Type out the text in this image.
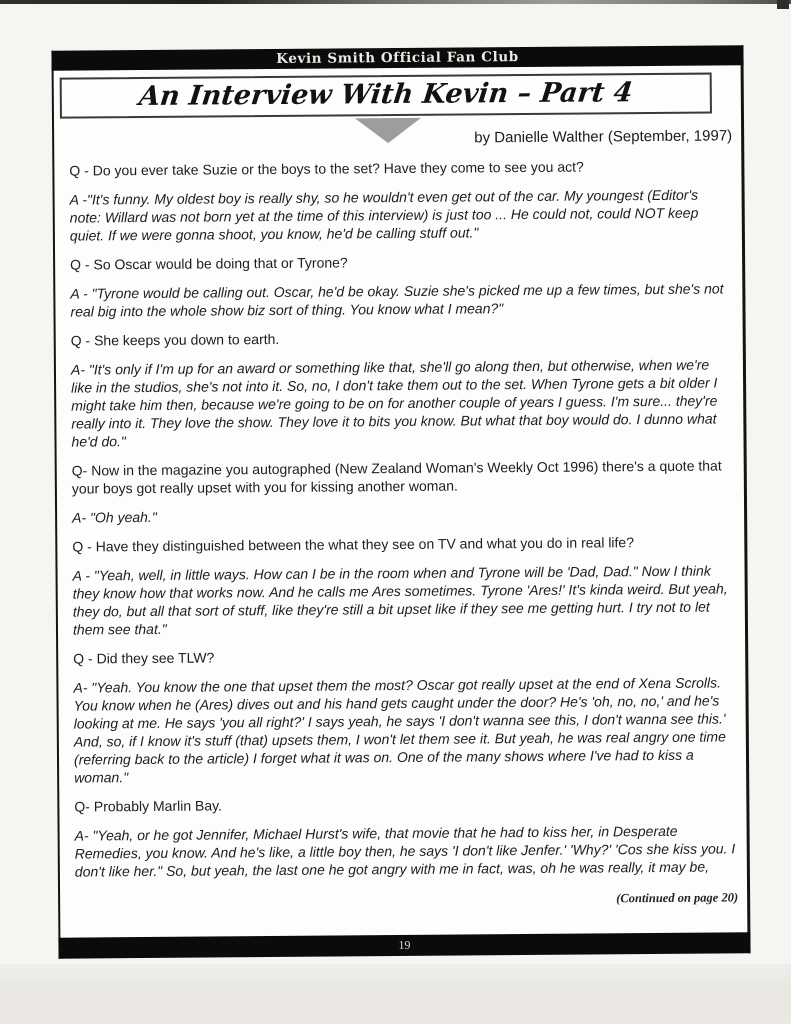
Kevin Smith Official Fan Club
An Interview With Kevin – Part 4
by Danielle Walther (September, 1997)

Q - Do you ever take Suzie or the boys to the set? Have they come to see you act?

A -"It's funny. My oldest boy is really shy, so he wouldn't even get out of the car. My youngest (Editor's note: Willard was not born yet at the time of this interview) is just too ... He could not, could NOT keep quiet. If we were gonna shoot, you know, he'd be calling stuff out."

Q - So Oscar would be doing that or Tyrone?

A - "Tyrone would be calling out. Oscar, he'd be okay. Suzie she's picked me up a few times, but she's not real big into the whole show biz sort of thing. You know what I mean?"

Q - She keeps you down to earth.

A- "It's only if I'm up for an award or something like that, she'll go along then, but otherwise, when we're like in the studios, she's not into it. So, no, I don't take them out to the set. When Tyrone gets a bit older I might take him then, because we're going to be on for another couple of years I guess. I'm sure... they're really into it. They love the show. They love it to bits you know. But what that boy would do. I dunno what he'd do."

Q- Now in the magazine you autographed (New Zealand Woman's Weekly Oct 1996) there's a quote that your boys got really upset with you for kissing another woman.

A- "Oh yeah."

Q - Have they distinguished between the what they see on TV and what you do in real life?

A - "Yeah, well, in little ways. How can I be in the room when and Tyrone will be 'Dad, Dad." Now I think they know how that works now. And he calls me Ares sometimes. Tyrone 'Ares!' It's kinda weird. But yeah, they do, but all that sort of stuff, like they're still a bit upset like if they see me getting hurt. I try not to let them see that."

Q - Did they see TLW?

A- "Yeah. You know the one that upset them the most? Oscar got really upset at the end of Xena Scrolls. You know when he (Ares) dives out and his hand gets caught under the door? He's 'oh, no, no,' and he's looking at me. He says 'you all right?' I says yeah, he says 'I don't wanna see this, I don't wanna see this.' And, so, if I know it's stuff (that) upsets them, I won't let them see it. But yeah, he was real angry one time (referring back to the article) I forget what it was on. One of the many shows where I've had to kiss a woman."

Q- Probably Marlin Bay.

A- "Yeah, or he got Jennifer, Michael Hurst's wife, that movie that he had to kiss her, in Desperate Remedies, you know. And he's like, a little boy then, he says 'I don't like Jenfer.' 'Why?' 'Cos she kiss you. I don't like her." So, but yeah, the last one he got angry with me in fact, was, oh he was really, it may be,

(Continued on page 20)
19
